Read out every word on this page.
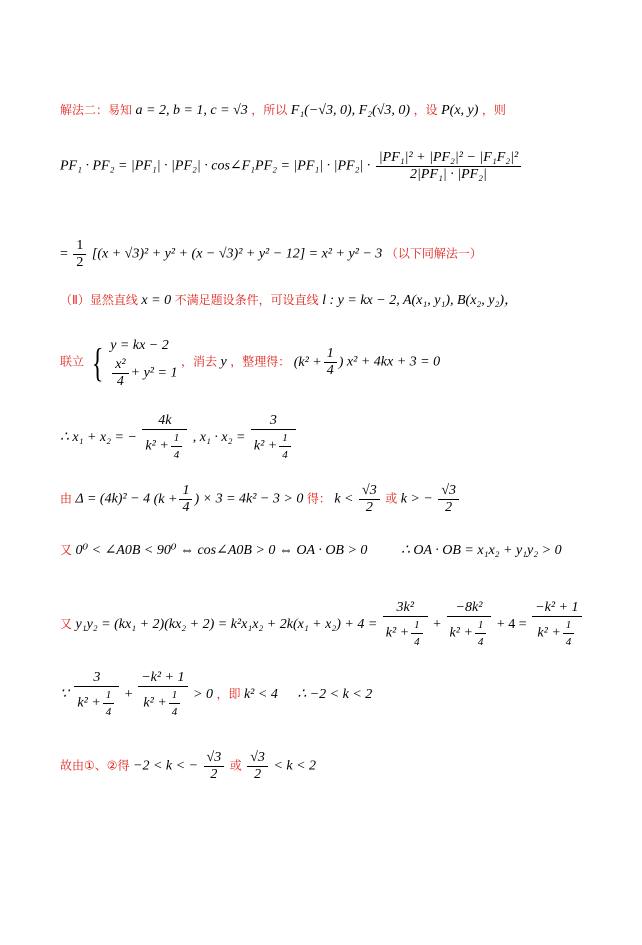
解法二：易知 a = 2, b = 1, c = √3 ，所以 F₁(−√3, 0), F₂(√3, 0) ，设 P(x, y) ，则
PF₁ · PF₂ = |PF₁| · |PF₂| · cos∠F₁PF₂ = $|PF_1| \cdot |PF_2| \cdot \frac{\text{|PF₁|² + |PF₂|² − |F₁F₂|²}}{\text{2|PF₁| · |PF₂|}}$
= $\frac{1}{2} [(x + √3)^2 + y^2 + (x - √3)^2 + y^2 - 12] = x^2 + y^2 - 3$ （以下同解法一）
（Ⅱ）显然直线 x = 0 不满足题设条件，可设直线 l : y = kx − 2, A(x₁, y₁), B(x₂, y₂)，
联立 { y = kx − 2
$\frac{\text{x²}}{4} + y^2 = 1$
，消去 y ，整理得： ($k^2 + \frac{1}{4}$ ) x² + 4kx + 3 = 0
∴ x₁ + x₂ = − $\frac{4k}{k^2 + \frac{1}{4}}$ , $x_1 \cdot x_2 = \frac{3}{k^2 + \frac{1}{4}}$
由 Δ = (4k)² − 4 ($k + \frac{1}{4}$ ) × 3 = 4k² − 3 > 0 得： $k < \frac{√3}{2}$ 或 k > − $\frac{√3}{2}$
又 0⁰ < ∠A0B < 90⁰ ⇔ cos∠A0B > 0 ⇔ OA · OB > 0 ∴ OA · OB = x₁x₂ + y₁y₂ > 0
又 $y_1y_2 = (kx_1 + 2)(kx_2 + 2) = k^2x_1x_2 + 2k(x_1 + x_2) + 4 = \frac{\text{3k²}}{k^2 + \frac{1}{4}} + \frac{\text{−8k²}}{k^2 + \frac{1}{4}} + 4 = \frac{\text{−k² + 1}}{k^2 + \frac{1}{4}}$
∵ $\frac{3}{k^2 + \frac{1}{4}} + \frac{\text{−k² + 1}}{k^2 + \frac{1}{4}} > 0$ ，即 k² < 4 ∴ −2 < k < 2
故由①、②得 −2 < k < − $\frac{√3}{2}$ 或 $\frac{√3}{2} < k < 2$
